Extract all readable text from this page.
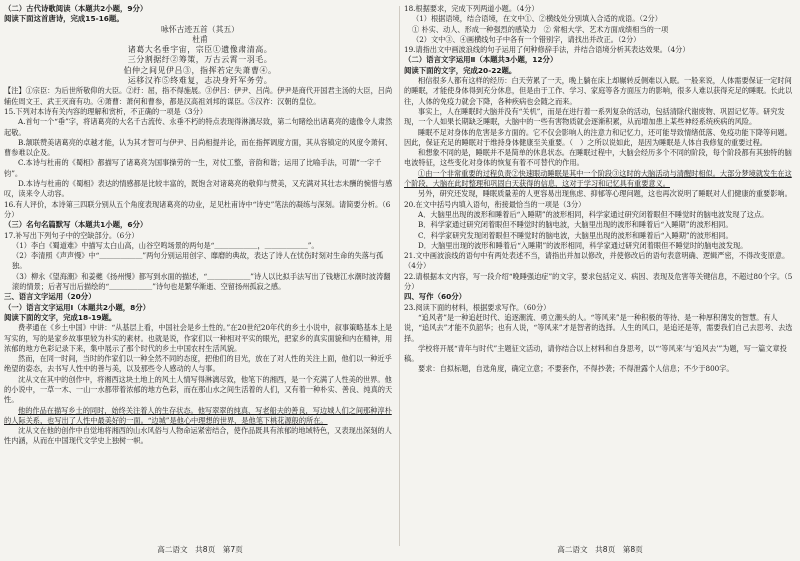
（二）古代诗歌阅读（本题共2小题，9分）

阅读下面这首唐诗，完成15-16题。

咏怀古迹五首（其五）

杜甫

诸葛大名垂宇宙，宗臣①遗像肃清高。

三分割据纡②筹策，万古云霄一羽毛。

伯仲之间见伊吕③，指挥若定失萧曹④。

运移汉祚⑤终难复，志决身歼军务劳。

【注】①宗臣：为后世所敬仰的大臣。②纡：屈，指不得施展。③伊吕：伊尹、吕尚。伊尹是商代开国君主汤的大臣，吕尚辅佐周文王、武王灭商有功。④萧曹：萧何和曹参，都是汉高祖刘邦的谋臣。⑤汉祚：汉朝的皇位。

15.下列对本诗有关内容的理解和赏析，不正确的一项是（3分）

A.首句一个“垂”字，将诸葛亮的大名千古流传、永垂不朽的特点表现得淋漓尽致，第二句睹绘出诸葛亮的遗像令人肃然起敬。

B.颔联赞美诸葛亮的卓越才能，认为其才智可与伊尹、吕尚相提并论，而在指挥调度方面，其从容镇定的风度令萧何、曹参难以企及。

C.本诗与杜甫的《蜀相》都描写了诸葛亮为国事操劳的一生，对仗工整，音韵和谐；运用了比喻手法，可谓“一字千钧”。

D.本诗与杜甫的《蜀相》表达的情感都是比较丰富的，既饱含对诸葛亮的敬仰与赞美，又充满对其壮志未酬的惋惜与感叹，读来令人动容。

16.有人评价，本诗第三四联分别从五个角度表现诸葛亮的功业，足见杜甫诗中“诗史”笔法的凝练与深刻。请简要分析。（6分）

（三）名句名篇默写（本题共1小题，6分）

17.补写出下列句子中的空缺部分。（6分）

（1）李白《蜀道难》中描写太白山高，山谷空鸣场景的两句是“＿＿＿＿＿＿，＿＿＿＿＿＿”。

（2）李清照《声声慢》中“＿＿＿＿＿＿”两句分别运用创字、靡磨的典故，表达了诗人在忧伤时刻对生命的失落与孤独。

（3）柳永《望海潮》和姜夔《扬州慢》都写到水面的描述，“＿＿＿＿＿＿”诗人以比拟手法写出了钱塘江水潮时波涛翻滚的情景；后者写出后描绘的“＿＿＿＿＿＿”诗句也是繁华渐逝、空留扬州孤寂之感。

三、语言文字运用（20分）

（一）语言文字运用Ⅰ（本题共2小题，8分）

阅读下面的文字，完成18-19题。

费孝通在《乡土中国》中讲：“从基层上看，中国社会是乡土性的。”在20世纪20年代的乡土小说中，叙事策略基本上是写实的，写的是家乡故事里较为朴实的素材。也就是说，作家们以一种相对平实的眼光，把家乡的真实面貌和内在精神，用浓郁的地方色彩记录下来，集中展示了那个时代的乡土中国农村生活风貌。

然而，在同一时间，当时的作家们以一种全然不同的态度，把他们的目光，放在了对人性的关注上面，他们以一种近乎绝望的姿态，去书写人性中的善与美，以及那些令人感动的人与事。

沈从文在其中的创作中，将湘西这块土地上的风土人情写得淋漓尽致，他笔下的湘西，是一个充满了人性美的世界。他的小说中，一草一木、一山一水都带着浓郁的地方色彩，而在那山水之间生活着的人们，又有着一种朴实、善良、纯真的天性。

他的作品在描写乡土的同时，始终关注着人的生存状态。他写翠翠的纯真、写老船夫的善良，写边城人们之间那种淳朴的人际关系，也写出了人性中最美好的一面。“边城”是他心中理想的世界，是他笔下桃花源般的所在。

沈从文在他的创作中自觉地将湘西的山水风俗与人物命运紧密结合，使作品既具有浓郁的地域特色，又表现出深刻的人性内涵，从而在中国现代文学史上独树一帜。

高二语文　共8页　第7页

18.根据要求，完成下列两道小题。（4分）

（1）根据语境，结合语境，在文中①、②横线处分别填入合适的成语。（2分）

① 朴实、动人、形成一种强烈的感染力　② 常相大学、艺术方面成绩相当的一项

（2）文中③、④画横线句子中各有一个错别字，请找出并改正。（2分）

19.请指出文中画波浪线的句子运用了何种修辞手法，并结合语境分析其表达效果。（4分）

（二）语言文字运用Ⅱ（本题共3小题，12分）

阅读下面的文字，完成20-22题。

相信很多人都有这样的经历：白天劳累了一天，晚上躺在床上却辗转反侧难以入眠。一般来说，人体需要保证一定时间的睡眠，才能使身体得到充分休息，但是由于工作、学习、家庭等各方面压力的影响，很多人难以获得充足的睡眠。长此以往，人体的免疫力就会下降，各种疾病也会随之而来。

事实上，人在睡眠时大脑并没有“关机”，而是在进行着一系列复杂的活动，包括清除代谢废物、巩固记忆等。研究发现，一个人如果长期缺乏睡眠，大脑中的一些有害物质就会逐渐积累，从而增加患上某些神经系统疾病的风险。

睡眠不足对身体的危害是多方面的。它不仅会影响人的注意力和记忆力，还可能导致情绪低落、免疫功能下降等问题。因此，保证充足的睡眠对于维持身体健康至关重要。（　）之所以说如此，是因为睡眠是人体自我修复的重要过程。

和想象不同的是，睡眠并不是简单的休息状态。在睡眠过程中，大脑会经历多个不同的阶段，每个阶段都有其独特的脑电波特征，这些变化对身体的恢复有着不可替代的作用。

①由一个非常重要的过程负责②快速眼动睡眠是其中一个阶段③这时的大脑活动与清醒时相似。大部分梦境就发生在这个阶段，大脑在此时整理和巩固白天获得的信息，这对于学习和记忆具有重要意义。

另外，研究还发现，睡眠质量差的人更容易出现焦虑、抑郁等心理问题，这也再次说明了睡眠对人们健康的重要影响。

20.在文中括号内填入语句，衔接最恰当的一项是（3分）

A．大脑里出现的波形和睡着后“入睡期”的波形相同，科学家通过研究闭着眼但不睡觉时的脑电波发现了这点。

B．科学家通过研究闭着眼但不睡觉时的脑电波，大脑里出现的波形和睡着后“入睡期”的波形相同。

C．科学家研究发现闭着眼但不睡觉时的脑电波，大脑里出现的波形和睡着后“入睡期”的波形相同。

D．大脑里出现的波形和睡着后“入睡期”的波形相同，科学家通过研究闭着眼但不睡觉时的脑电波发现。

21.文中画波浪线的语句中有两处表述不当，请指出并加以修改，并使修改后的语句表意明确、逻辑严密，不得改变原意。（4分）

22.请根据本文内容，写一段介绍“晚睡强迫症”的文字，要求包括定义、病因、表现及危害等关键信息，不超过80个字。（5分）

四、写作（60分）

23.阅读下面的材料，根据要求写作。（60分）

“追风者”是一种追赶时代、追逐潮流、勇立潮头的人。“等风来”是一种积极的等待、是一种厚积薄发的智慧。有人说，“追风去”才能不负韶华；也有人说，“等风来”才是智者的选择。人生的风口，是追还是等，需要我们自己去思考、去选择。

学校将开展“青年与时代”主题征文活动，请你结合以上材料和自身思考，以“‘等风来’与‘追风去’”为题，写一篇文章投稿。

要求：自拟标题，自选角度，确定立意；不要套作，不得抄袭；不得泄露个人信息；不少于800字。

高二语文　共8页　第8页
